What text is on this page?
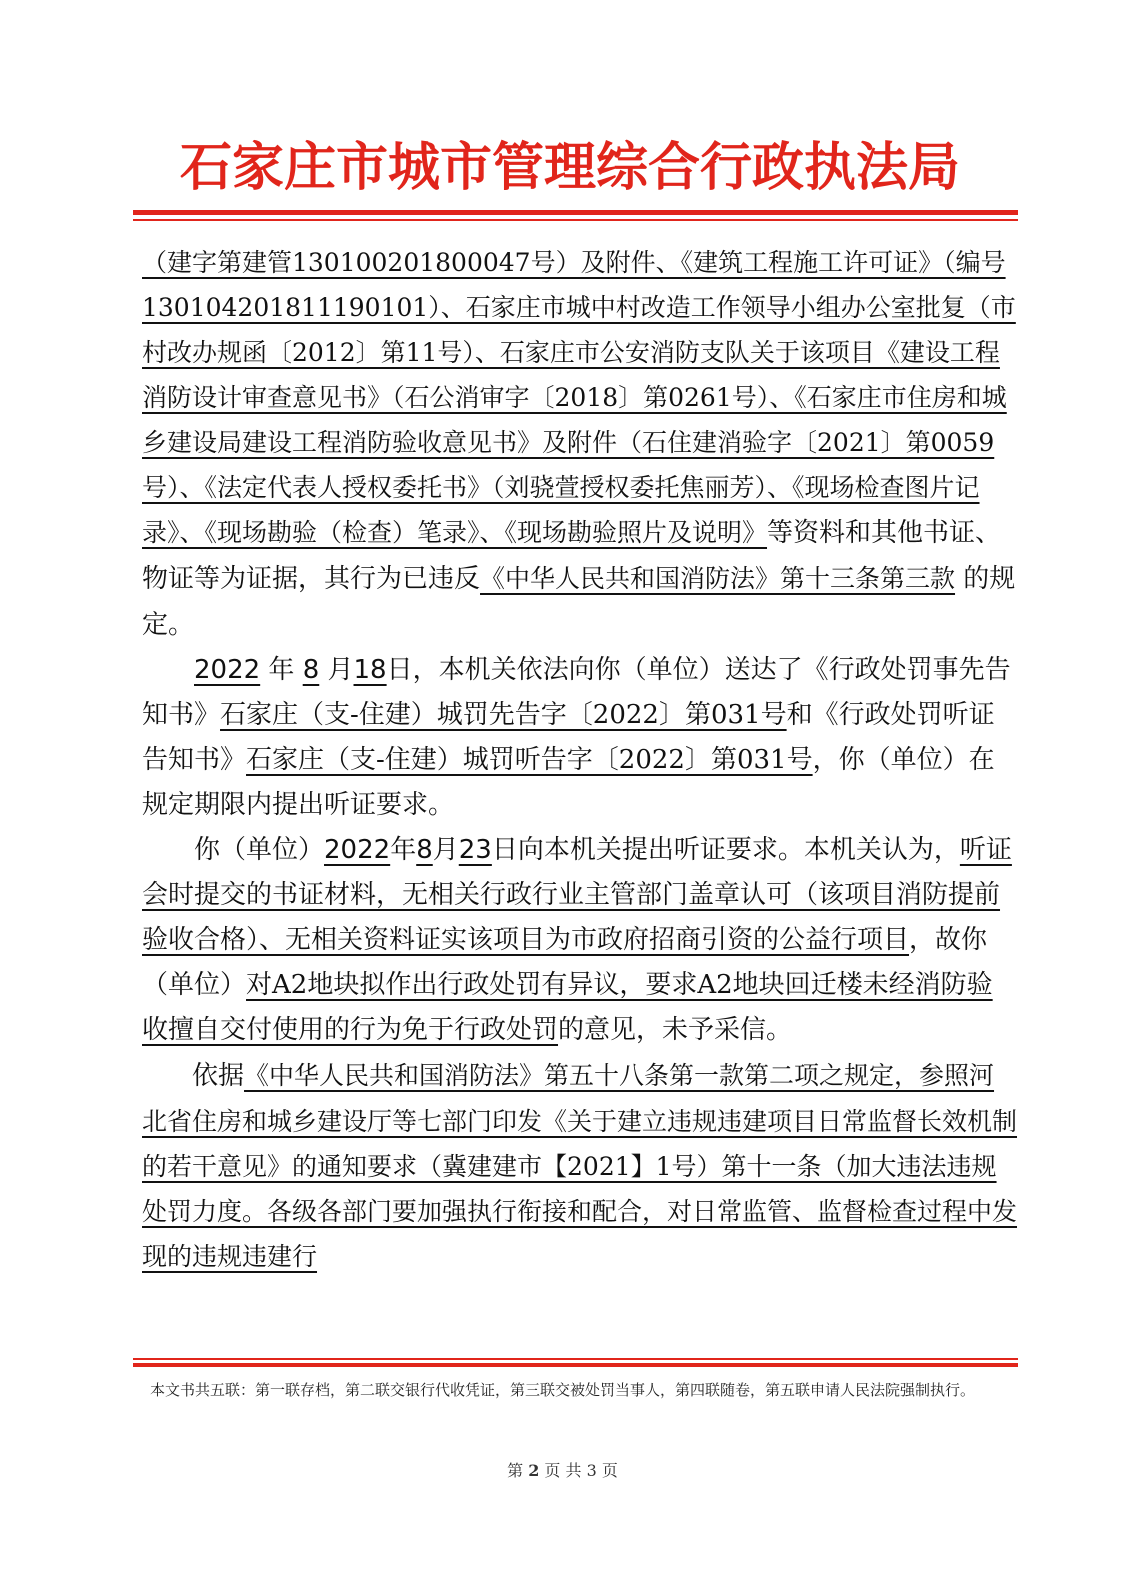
石家庄市城市管理综合行政执法局

（建字第建管130100201800047号）及附件、《建筑工程施工许可证》（编号130104201811190101）、石家庄市城中村改造工作领导小组办公室批复（市村改办规函〔2012〕第11号）、石家庄市公安消防支队关于该项目《建设工程消防设计审查意见书》（石公消审字〔2018〕第0261号）、《石家庄市住房和城乡建设局建设工程消防验收意见书》及附件（石住建消验字〔2021〕第0059号）、《法定代表人授权委托书》（刘骁萱授权委托焦丽芳）、《现场检查图片记录》、《现场勘验（检查）笔录》、《现场勘验照片及说明》等资料和其他书证、物证等为证据，其行为已违反《中华人民共和国消防法》第十三条第三款 的规定。

2022 年 8 月18日，本机关依法向你（单位）送达了《行政处罚事先告知书》石家庄（支-住建）城罚先告字〔2022〕第031号和《行政处罚听证告知书》石家庄（支-住建）城罚听告字〔2022〕第031号，你（单位）在规定期限内提出听证要求。

你（单位）2022年8月23日向本机关提出听证要求。本机关认为，听证会时提交的书证材料，无相关行政行业主管部门盖章认可（该项目消防提前验收合格）、无相关资料证实该项目为市政府招商引资的公益行项目，故你（单位）对A2地块拟作出行政处罚有异议，要求A2地块回迁楼未经消防验收擅自交付使用的行为免于行政处罚的意见，未予采信。

依据《中华人民共和国消防法》第五十八条第一款第二项之规定，参照河北省住房和城乡建设厅等七部门印发《关于建立违规违建项目日常监督长效机制的若干意见》的通知要求（冀建建市【2021】1号）第十一条（加大违法违规处罚力度。各级各部门要加强执行衔接和配合，对日常监管、监督检查过程中发现的违规违建行

本文书共五联：第一联存档，第二联交银行代收凭证，第三联交被处罚当事人，第四联随卷，第五联申请人民法院强制执行。
第 2 页 共 3 页
